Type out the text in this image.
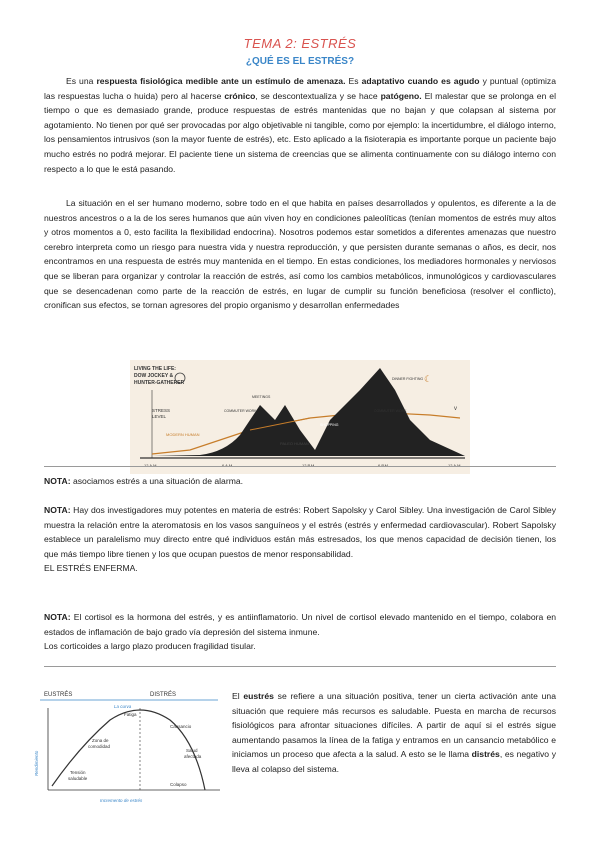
TEMA 2: ESTRÉS
¿QUÉ ES EL ESTRÉS?
Es una respuesta fisiológica medible ante un estímulo de amenaza. Es adaptativo cuando es agudo y puntual (optimiza las respuestas lucha o huida) pero al hacerse crónico, se descontextualiza y se hace patógeno. El malestar que se prolonga en el tiempo o que es demasiado grande, produce respuestas de estrés mantenidas que no bajan y que colapsan al sistema por agotamiento. No tienen por qué ser provocadas por algo objetivable ni tangible, como por ejemplo: la incertidumbre, el diálogo interno, los pensamientos intrusivos (son la mayor fuente de estrés), etc. Esto aplicado a la fisioterapia es importante porque un paciente bajo mucho estrés no podrá mejorar. El paciente tiene un sistema de creencias que se alimenta continuamente con su diálogo interno con respecto a lo que le está pasando.
La situación en el ser humano moderno, sobre todo en el que habita en países desarrollados y opulentos, es diferente a la de nuestros ancestros o a la de los seres humanos que aún viven hoy en condiciones paleolíticas (tenían momentos de estrés muy altos y otros momentos a 0, esto facilita la flexibilidad endocrina). Nosotros podemos estar sometidos a diferentes amenazas que nuestro cerebro interpreta como un riesgo para nuestra vida y nuestra reproducción, y que persisten durante semanas o años, es decir, nos encontramos en una respuesta de estrés muy mantenida en el tiempo. En estas condiciones, los mediadores hormonales y nerviosos que se liberan para organizar y controlar la reacción de estrés, así como los cambios metabólicos, inmunológicos y cardiovasculares que se desencadenan como parte de la reacción de estrés, en lugar de cumplir su función beneficiosa (resolver el conflicto), cronifican sus efectos, se tornan agresores del propio organismo y desarrollan enfermedades
LIVING THE LIFE:
DOW JOCKEY &
HUNTER-GATHERER
STRESS
LEVEL
MODERN HUMAN
PALEO HUMAN
COMMUTER WORK	COMMUTER WORK
MEETINGS
SHOPPING
DINNER FIGHTING ☾
v
NOTA: asociamos estrés a una situación de alarma.
NOTA: Hay dos investigadores muy potentes en materia de estrés: Robert Sapolsky y Carol Sibley. Una investigación de Carol Sibley muestra la relación entre la ateromatosis en los vasos sanguíneos y el estrés (estrés y enfermedad cardiovascular). Robert Sapolsky establece un paralelismo muy directo entre qué individuos están más estresados, los que menos capacidad de decisión tienen, los que más tiempo libre tienen y los que ocupan puestos de menor responsabilidad.
EL ESTRÉS ENFERMA.
NOTA: El cortisol es la hormona del estrés, y es antiinflamatorio. Un nivel de cortisol elevado mantenido en el tiempo, colabora en estados de inflamación de bajo grado vía depresión del sistema inmune.
Los corticoides a largo plazo producen fragilidad tisular.
EUSTRÉS	DISTRÉS
La curva
Fatiga
Cansancio
Zona de
comodidad
Salud
afectada
Tensión
saludable
Colapso
Rendimiento
Incremento de estrés
El eustrés se refiere a una situación positiva, tener un cierta activación ante una situación que requiere más recursos es saludable. Puesta en marcha de recursos fisiológicos para afrontar situaciones difíciles. A partir de aquí si el estrés sigue aumentando pasamos la línea de la fatiga y entramos en un cansancio metabólico e iniciamos un proceso que afecta a la salud. A esto se le llama distrés, es negativo y lleva al colapso del sistema.
